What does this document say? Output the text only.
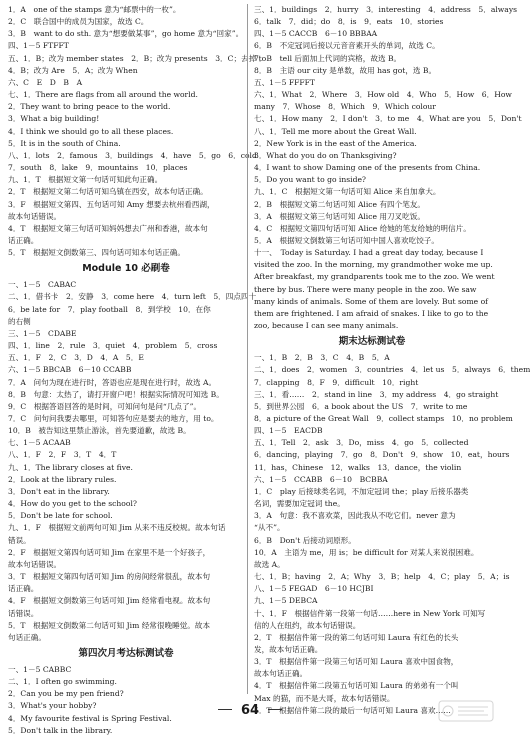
1．A　one of the stamps 意为“邮票中的一枚”。
2．C　联合国中的成员为国家，故选 C。
3．B　want to do sth. 意为“想要做某事”，go home 意为“回家”。
四、1－5 FTFFT
五、1．B；改为 member states　2．B；改为 presents　3．C；去掉 to
4．B；改为 Are　5．A；改为 When
六、C　E　D　B　A
七、1．There are flags from all around the world.
2．They want to bring peace to the world.
3．What a big building!
4．I think we should go to all these places.
5．It is in the south of China.
八、1．lots　2．famous　3．buildings　4．have　5．go　6．cold
7．south　8．lake　9．mountains　10．places
九、1．T　根据短文第一句话可知此句正确。
2．T　根据短文第二句话可知乌镇在西安，故本句话正确。
3．F　根据短文第四、五句话可知 Amy 想要去杭州看西湖，
故本句话错误。
4．T　根据短文第三句话可知妈妈想去广州和香港，故本句
话正确。
5．T　根据短文倒数第三、四句话可知本句话正确。
Module 10 必刷卷
一、1－5　CABAC
二、1．借书卡　2．安静　3．come here　4．turn left　5．四点四十
6．be late for　7．play football　8．到学校　10．在你
的右侧
三、1－5　CDABE
四、1．line　2．rule　3．quiet　4．problem　5．cross
五、1．F　2．C　3．D　4．A　5．E
六、1－5 BBCAB　6－10 CCABB
7．A　问句为现在进行时，答语也应是现在进行时，故选 A。
8．B　句意：太热了，请打开窗户吧！根据实际情况可知选 B。
9．C　根据答语回答的是时间，可知问句是问“几点了”。
7．C　问句问我要去哪里，可知答句应是要去的地方，用 to。
10．B　被告知这里禁止游泳，首先要道歉，故选 B。
七、1－5 ACAAB
八、1．F　2．F　3．T　4．T
九、1．The library closes at five.
2．Look at the library rules.
3．Don't eat in the library.
4．How do you get to the school?
5．Don't be late for school.
九、1．F　根据短文前两句可知 Jim 从来不违反校规。故本句话
错误。
2．F　根据短文第四句话可知 Jim 在家里不是一个好孩子，
故本句话错误。
3．T　根据短文第四句话可知 Jim 的房间经常很乱，故本句
话正确。
4．F　根据短文倒数第三句话可知 Jim 经常看电视。故本句
话错误。
5．T　根据短文倒数第二句话可知 Jim 经常很晚睡觉。故本
句话正确。
第四次月考达标测试卷
一、1－5 CABBC
二、1．I often go swimming.
2．Can you be my pen friend?
3．What's your hobby?
4．My favourite festival is Spring Festival.
5．Don't talk in the library.
三、1．buildings　2．hurry　3．interesting　4．address　5．always
6．talk　7．did；do　8．is　9．eats　10．stories
四、1－5 CACCB　6－10 BBBAA
6．B　不定冠词后接以元音音素开头的单词，故选 C。
7．B　tell 后面加上代词的宾格，故选 B。
8．B　主语 our city 是单数，故用 has got，选 B。
五、1－5 FFFFT
六、1．What　2．Where　3．How old　4．Who　5．How　6．How
many　7．Whose　8．Which　9．Which colour
七、1．How many　2．I don't　3．to me　4．What are you　5．Don't
八、1．Tell me more about the Great Wall.
2．New York is in the east of the America.
3．What do you do on Thanksgiving?
4．I want to show Daming one of the presents from China.
5．Do you want to go inside?
九、1．C　根据短文第一句话可知 Alice 来自加拿大。
2．B　根据短文第二句话可知 Alice 有四个笔友。
3．A　根据短文第三句话可知 Alice 用刀叉吃饭。
4．C　根据短文第四句话可知 Alice 给她的笔友给她的明信片。
5．A　根据短文倒数第三句话可知中国人喜欢吃饺子。
十一、　Today is Saturday. I had a great day today, because I
visited the zoo. In the morning, my grandmother woke me up.
After breakfast, my grandparents took me to the zoo. We went
there by bus. There were many people in the zoo. We saw
many kinds of animals. Some of them are lovely. But some of
them are frightened. I am afraid of snakes. I like to go to the
zoo, because I can see many animals.
期末达标测试卷
一、1．B　2．B　3．C　4．B　5．A
二、1．does　2．women　3．countries　4．let us　5．always　6．them
7．clapping　8．F　9．difficult　10．right
三、1．看……　2．stand in line　3．my address　4．go straight
5．到世界公园　6．a book about the US　7．write to me
8．a picture of the Great Wall　9．collect stamps　10．no problem
四、1－5　EACDB
五、1．Tell　2．ask　3．Do，miss　4．go　5．collected
6．dancing，playing　7．go　8．Don't　9．show　10．eat，hours
11．has，Chinese　12．walks　13．dance，the violin
六、1－5　CCABB　6－10　BCBBA
1．C　play 后接球类名词，不加定冠词 the；play 后接乐器类
名词，需要加定冠词 the。
3．A　句意：我不喜欢菜，因此我从不吃它们。never 意为
“从不”。
6．B　Don't 后接动词原形。
10．A　主语为 me，用 is；be difficult for 对某人来说很困难。
故选 A。
七、1．B；having　2．A；Why　3．B；help　4．C；play　5．A；is
八、1－5 FEGAD　6－10 HCJBI
九、1－5 DEBCA
十、1．F　根据信件第一段第一句话……here in New York 可知写
信的人在纽约，故本句话错误。
2．T　根据信件第一段的第二句话可知 Laura 有红色的长头
发，故本句话正确。
3．T　根据信件第一段第三句话可知 Laura 喜欢中国食物，
故本句话正确。
4．T　根据信件第二段第五句话可知 Laura 的弟弟有一个叫
Max 的猫，而不是大哥，故本句话错误。
5．T　根据信件第二段的最后一句话可知 Laura 喜欢……
64
